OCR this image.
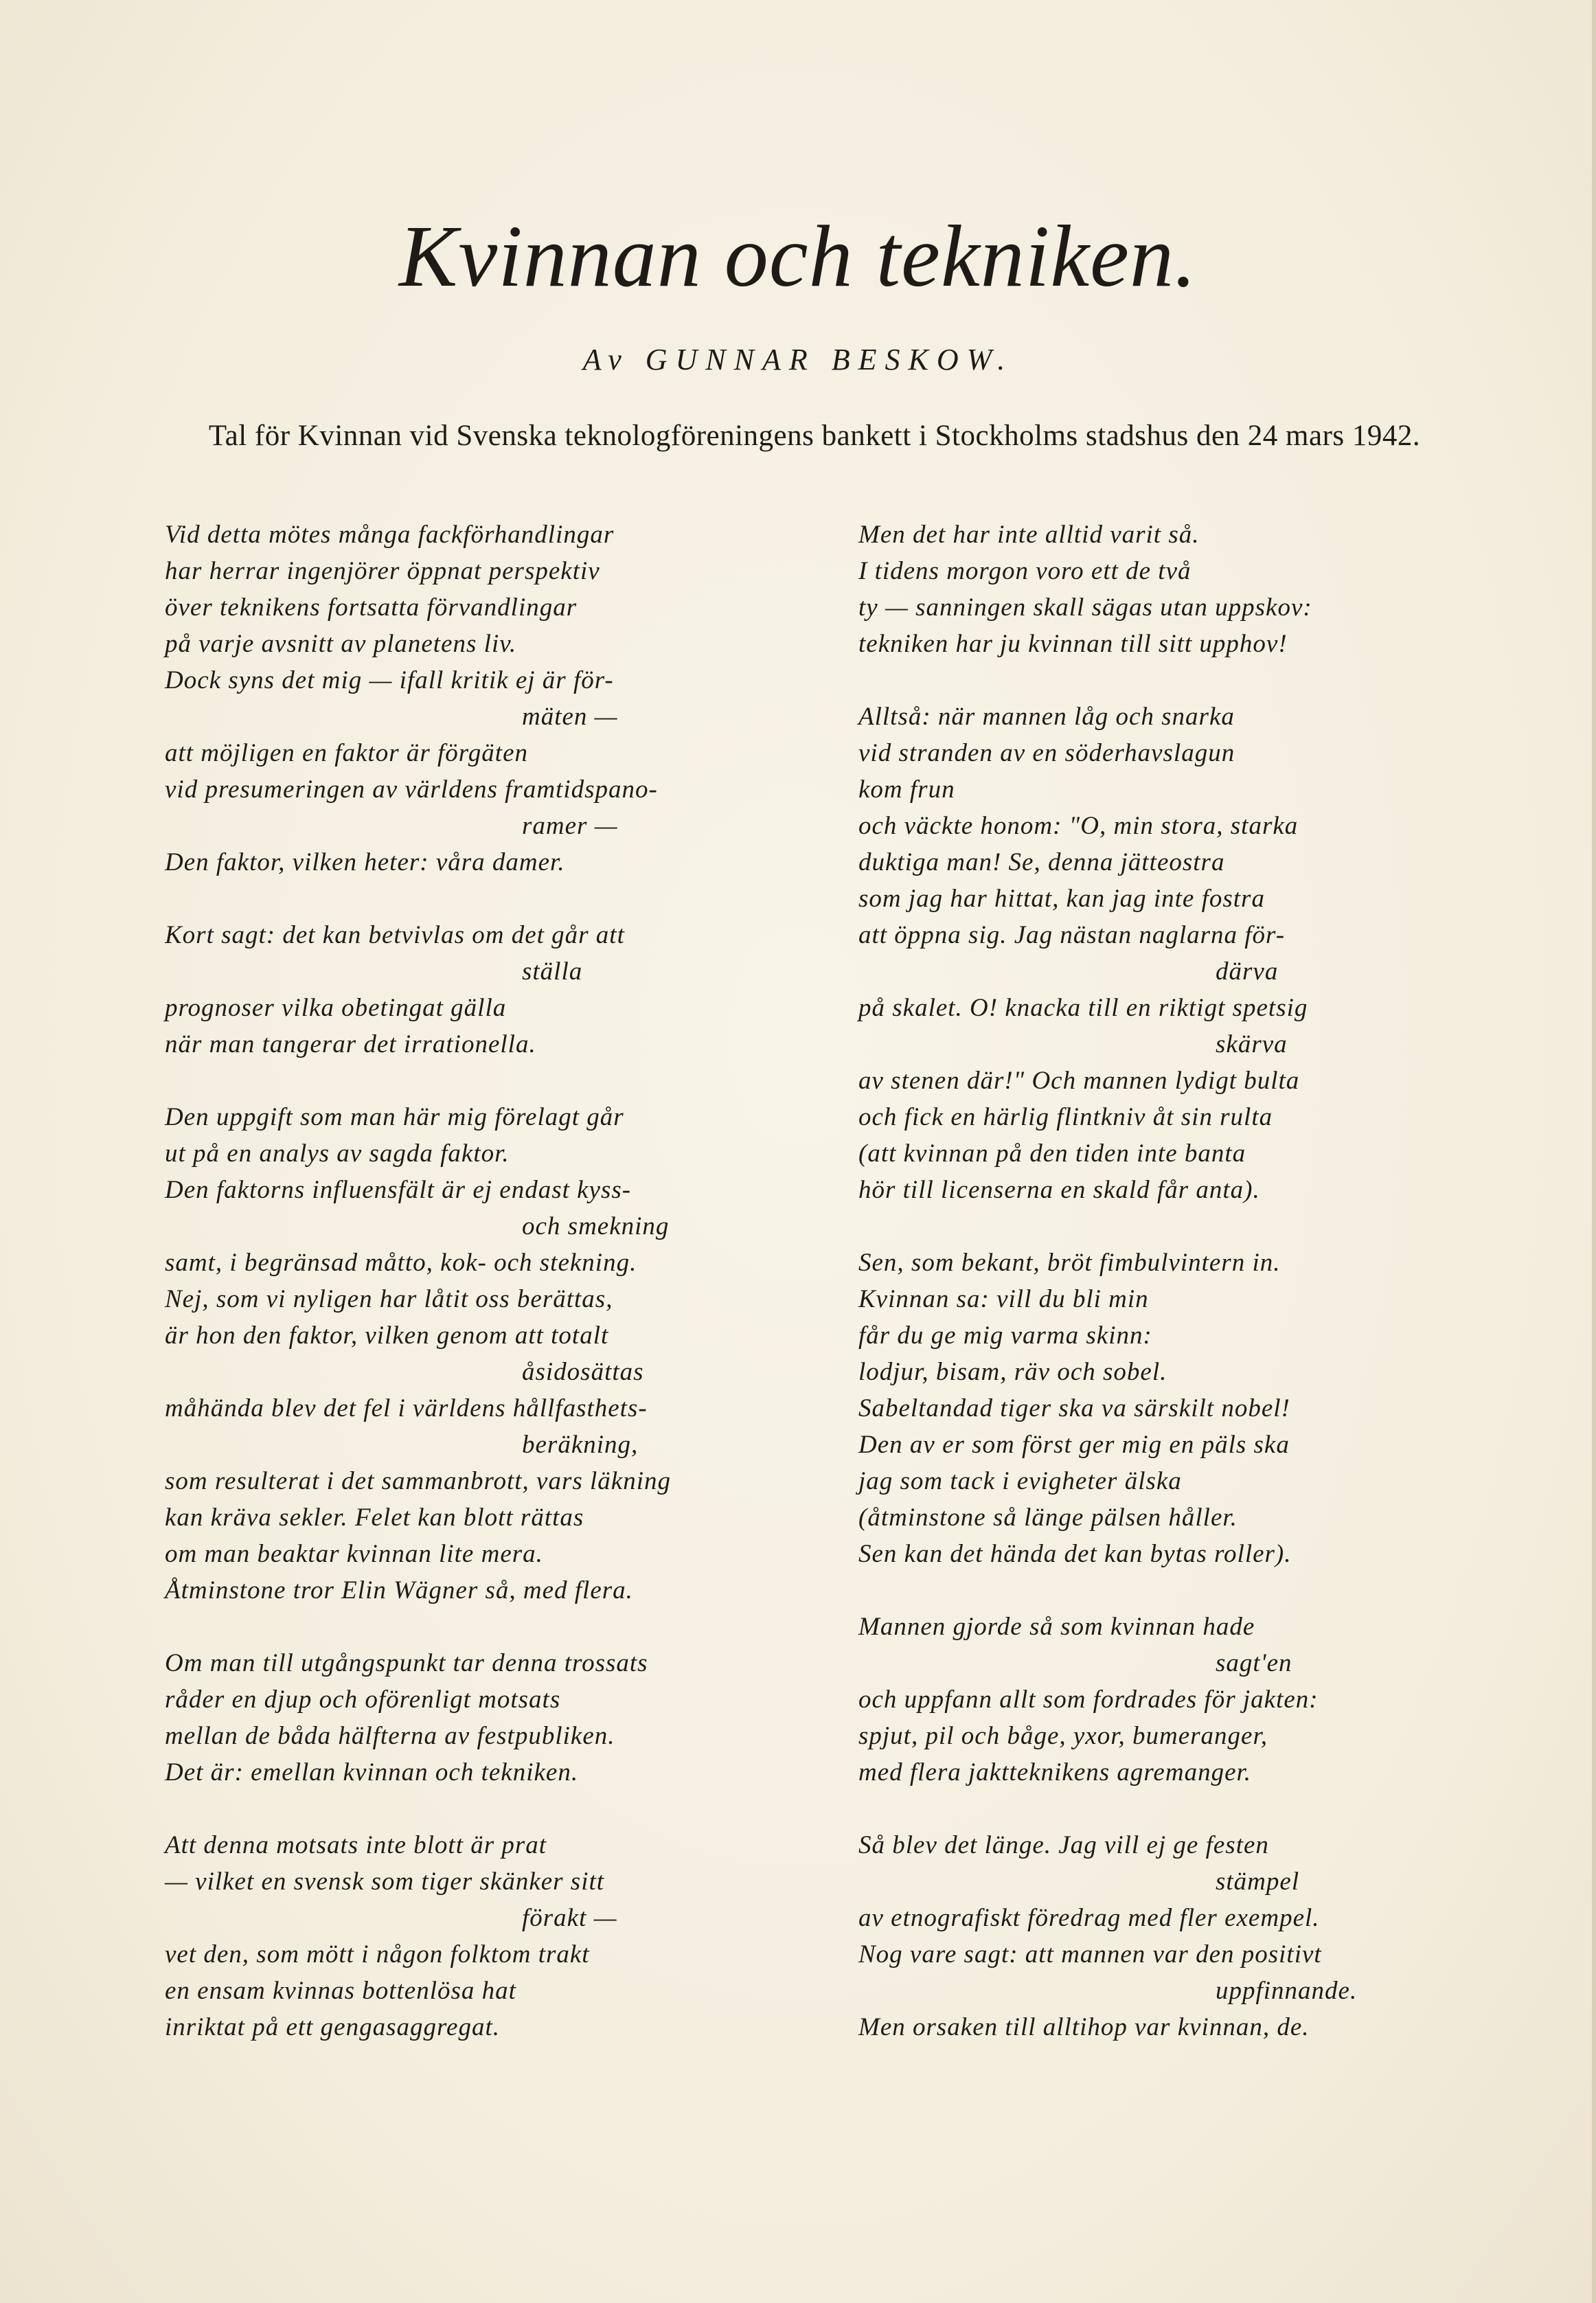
Kvinnan och tekniken.
Av GUNNAR BESKOW.
Tal för Kvinnan vid Svenska teknologföreningens bankett i Stockholms stadshus den 24 mars 1942.
Vid detta mötes många fackförhandlingar
har herrar ingenjörer öppnat perspektiv
över teknikens fortsatta förvandlingar
på varje avsnitt av planetens liv.
Dock syns det mig — ifall kritik ej är för-
mäten —
att möjligen en faktor är förgäten
vid presumeringen av världens framtidspano-
ramer —
Den faktor, vilken heter: våra damer.
Kort sagt: det kan betvivlas om det går att
ställa
prognoser vilka obetingat gälla
när man tangerar det irrationella.
Den uppgift som man här mig förelagt går
ut på en analys av sagda faktor.
Den faktorns influensfält är ej endast kyss-
och smekning
samt, i begränsad måtto, kok- och stekning.
Nej, som vi nyligen har låtit oss berättas,
är hon den faktor, vilken genom att totalt
åsidosättas
måhända blev det fel i världens hållfasthets-
beräkning,
som resulterat i det sammanbrott, vars läkning
kan kräva sekler. Felet kan blott rättas
om man beaktar kvinnan lite mera.
Åtminstone tror Elin Wägner så, med flera.
Om man till utgångspunkt tar denna trossats
råder en djup och oförenligt motsats
mellan de båda hälfterna av festpubliken.
Det är: emellan kvinnan och tekniken.
Att denna motsats inte blott är prat
— vilket en svensk som tiger skänker sitt
förakt —
vet den, som mött i någon folktom trakt
en ensam kvinnas bottenlösa hat
inriktat på ett gengasaggregat.
Men det har inte alltid varit så.
I tidens morgon voro ett de två
ty — sanningen skall sägas utan uppskov:
tekniken har ju kvinnan till sitt upphov!
Alltså: när mannen låg och snarka
vid stranden av en söderhavslagun
kom frun
och väckte honom: "O, min stora, starka
duktiga man! Se, denna jätteostra
som jag har hittat, kan jag inte fostra
att öppna sig. Jag nästan naglarna för-
därva
på skalet. O! knacka till en riktigt spetsig
skärva
av stenen där!" Och mannen lydigt bulta
och fick en härlig flintkniv åt sin rulta
(att kvinnan på den tiden inte banta
hör till licenserna en skald får anta).
Sen, som bekant, bröt fimbulvintern in.
Kvinnan sa: vill du bli min
får du ge mig varma skinn:
lodjur, bisam, räv och sobel.
Sabeltandad tiger ska va särskilt nobel!
Den av er som först ger mig en päls ska
jag som tack i evigheter älska
(åtminstone så länge pälsen håller.
Sen kan det hända det kan bytas roller).
Mannen gjorde så som kvinnan hade
sagt'en
och uppfann allt som fordrades för jakten:
spjut, pil och båge, yxor, bumeranger,
med flera jaktteknikens agremanger.
Så blev det länge. Jag vill ej ge festen
stämpel
av etnografiskt föredrag med fler exempel.
Nog vare sagt: att mannen var den positivt
uppfinnande.
Men orsaken till alltihop var kvinnan, de.
